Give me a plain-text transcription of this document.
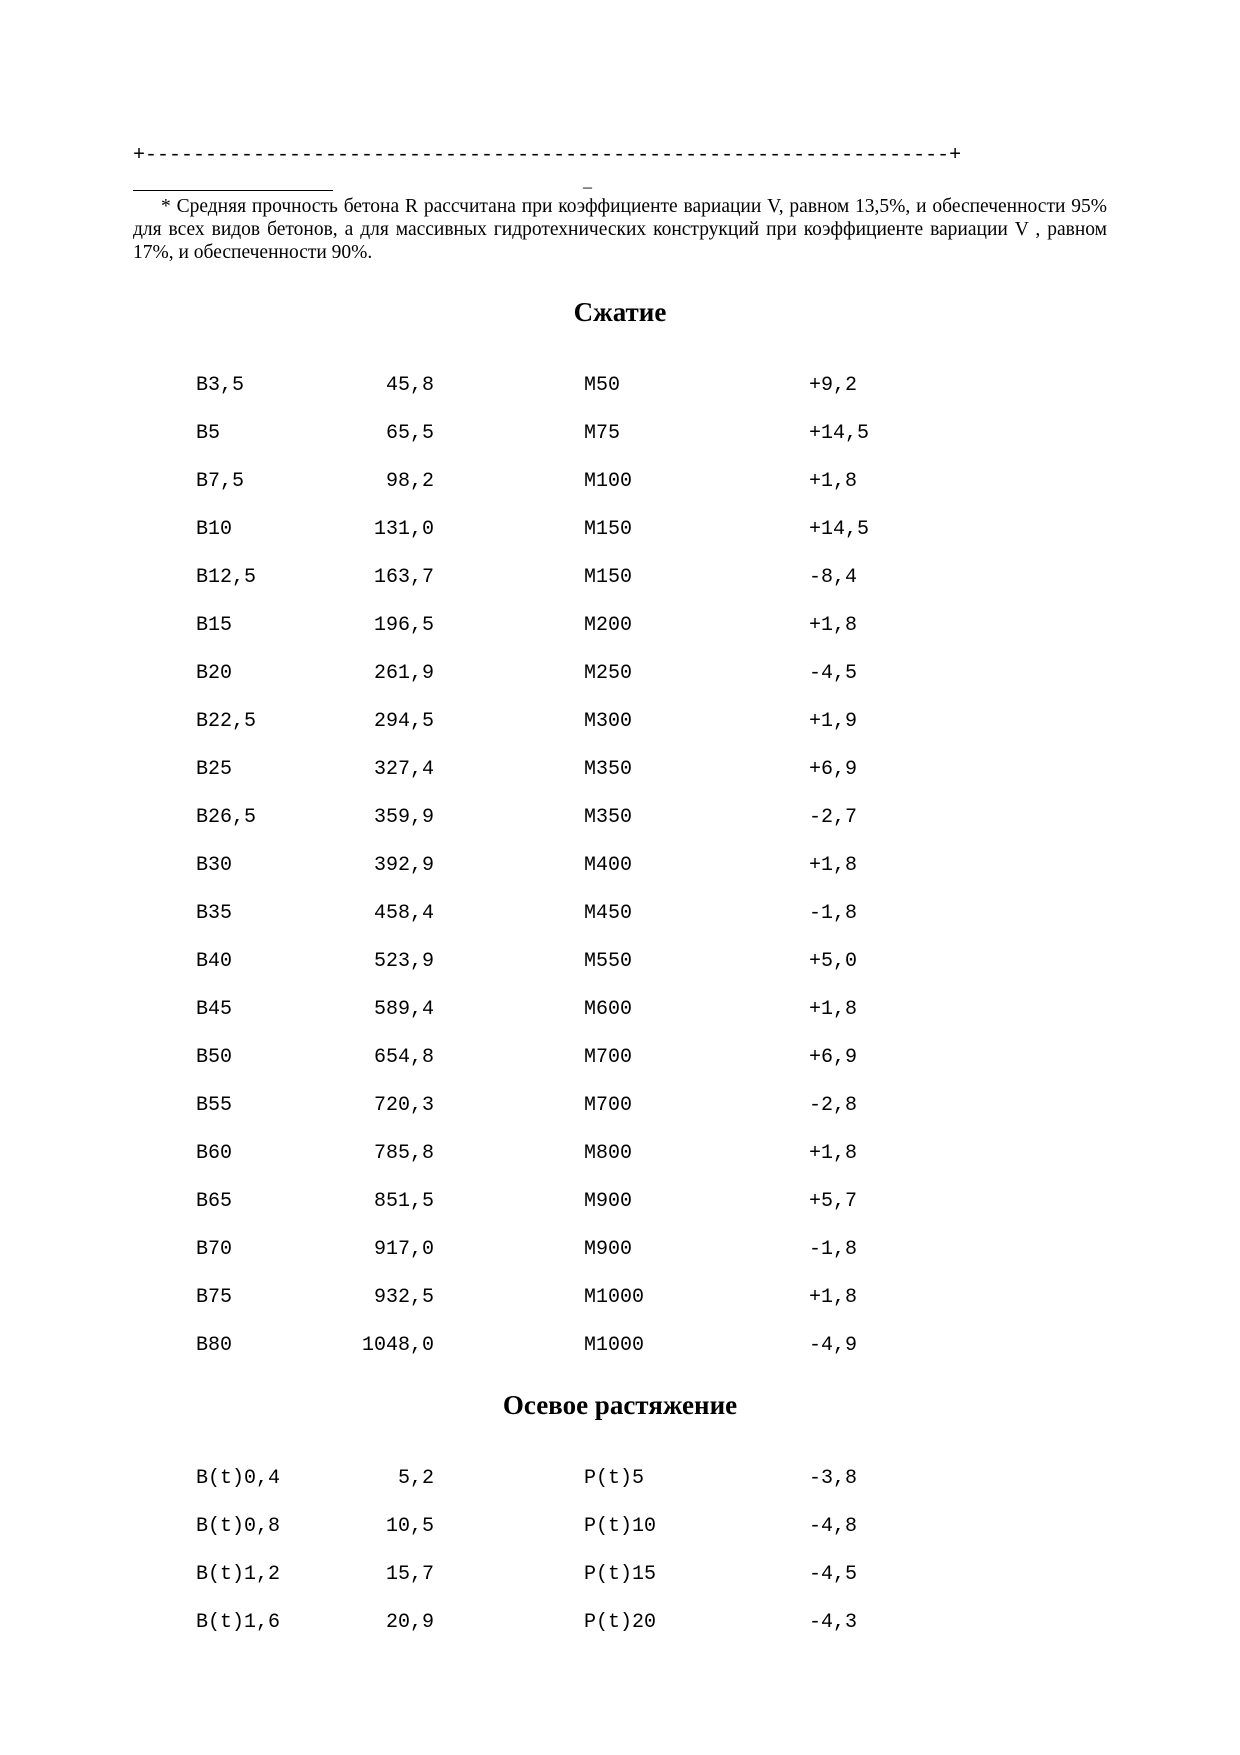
+-------------------------------------------------------------------+
_
* Средняя прочность бетона R рассчитана при коэффициенте вариации V, равном 13,5%, и обеспеченности 95% для всех видов бетонов, а для массивных гидротехнических конструкций при коэффициенте вариации V , равном 17%, и обеспеченности 90%.
Сжатие
B3,5	45,8	M50	+9,2
B5	65,5	M75	+14,5
B7,5	98,2	M100	+1,8
B10	131,0	M150	+14,5
B12,5	163,7	M150	-8,4
B15	196,5	M200	+1,8
B20	261,9	M250	-4,5
B22,5	294,5	M300	+1,9
B25	327,4	M350	+6,9
B26,5	359,9	M350	-2,7
B30	392,9	M400	+1,8
B35	458,4	M450	-1,8
B40	523,9	M550	+5,0
B45	589,4	M600	+1,8
B50	654,8	M700	+6,9
B55	720,3	M700	-2,8
B60	785,8	M800	+1,8
B65	851,5	M900	+5,7
B70	917,0	M900	-1,8
B75	932,5	M1000	+1,8
B80	1048,0	M1000	-4,9
Осевое растяжение
B(t)0,4	5,2	P(t)5	-3,8
B(t)0,8	10,5	P(t)10	-4,8
B(t)1,2	15,7	P(t)15	-4,5
B(t)1,6	20,9	P(t)20	-4,3
